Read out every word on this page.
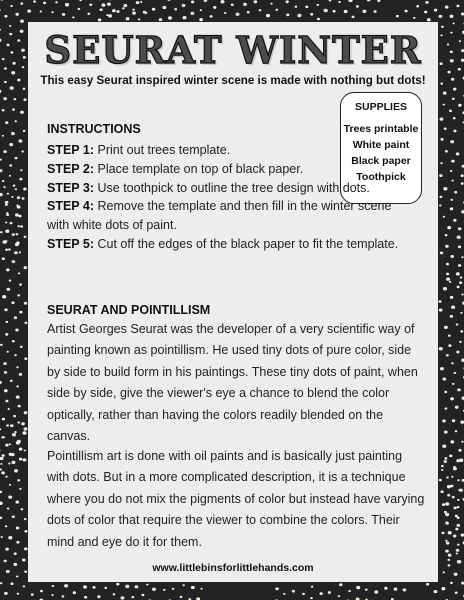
SEURAT WINTER
This easy Seurat inspired winter scene is made with nothing but dots!
SUPPLIES
Trees printable
White paint
Black paper
Toothpick
INSTRUCTIONS
STEP 1: Print out trees template.
STEP 2: Place template on top of black paper.
STEP 3: Use toothpick to outline the tree design with dots.
STEP 4: Remove the template and then fill in the winter scene with white dots of paint.
STEP 5: Cut off the edges of the black paper to fit the template.
SEURAT AND POINTILLISM
Artist Georges Seurat was the developer of a very scientific way of painting known as pointillism. He used tiny dots of pure color, side by side to build form in his paintings. These tiny dots of paint, when side by side, give the viewer's eye a chance to blend the color optically, rather than having the colors readily blended on the canvas.
Pointillism art is done with oil paints and is basically just painting with dots. But in a more complicated description, it is a technique where you do not mix the pigments of color but instead have varying dots of color that require the viewer to combine the colors. Their mind and eye do it for them.
www.littlebinsforlittlehands.com
